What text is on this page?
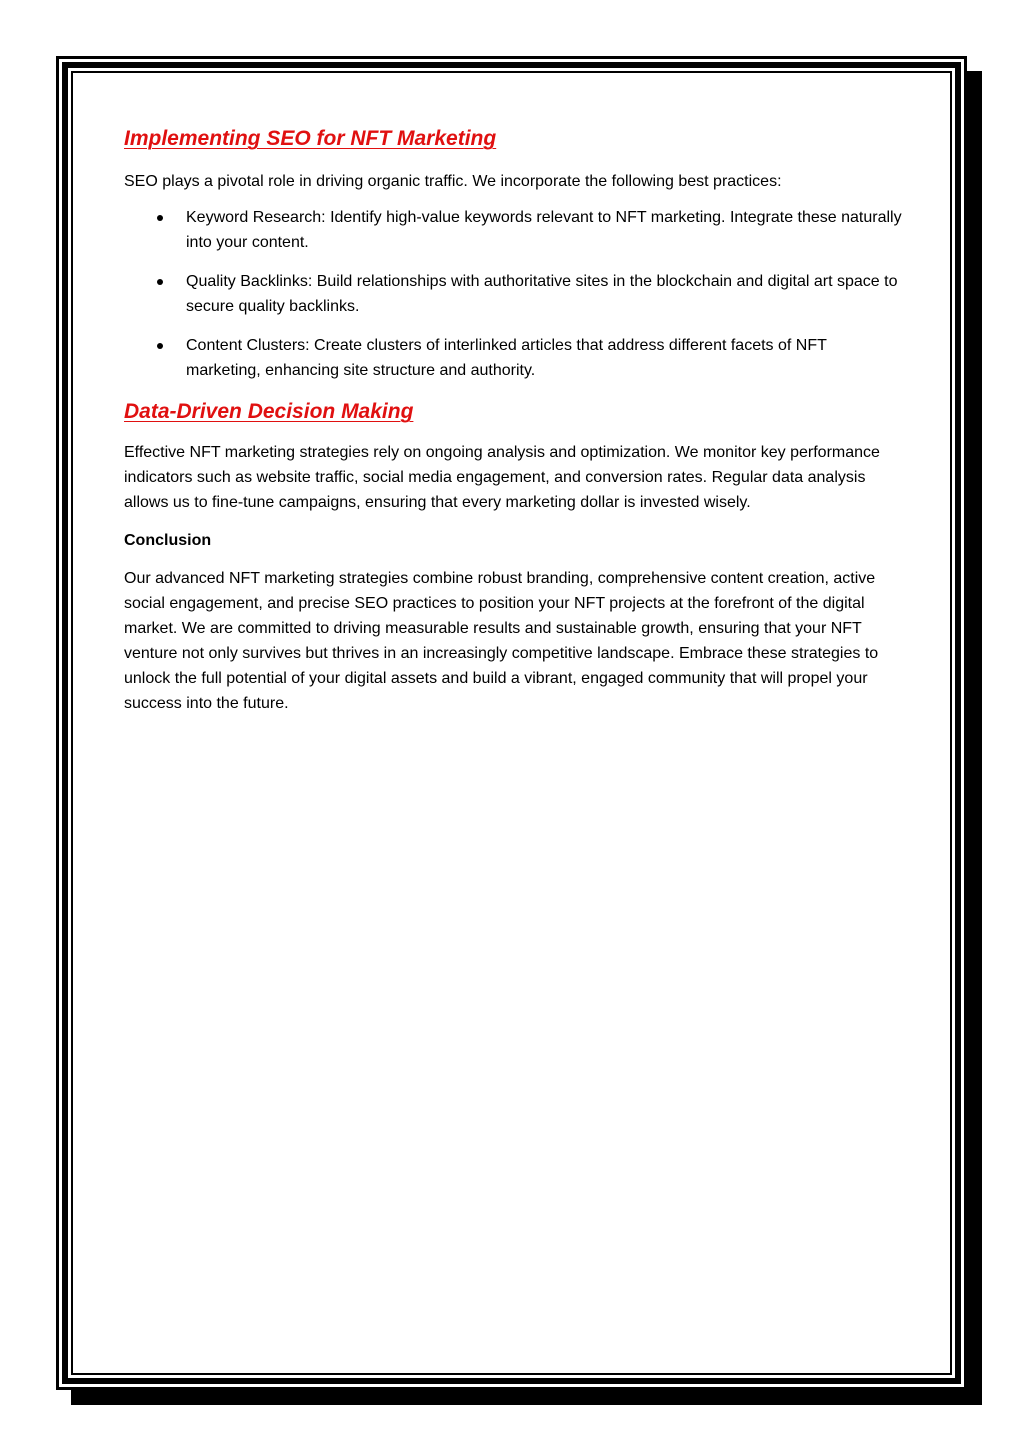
Implementing SEO for NFT Marketing

SEO plays a pivotal role in driving organic traffic. We incorporate the following best practices:

Keyword Research: Identify high-value keywords relevant to NFT marketing. Integrate these naturally into your content.
Quality Backlinks: Build relationships with authoritative sites in the blockchain and digital art space to secure quality backlinks.
Content Clusters: Create clusters of interlinked articles that address different facets of NFT marketing, enhancing site structure and authority.
Data-Driven Decision Making

Effective NFT marketing strategies rely on ongoing analysis and optimization. We monitor key performance indicators such as website traffic, social media engagement, and conversion rates. Regular data analysis allows us to fine-tune campaigns, ensuring that every marketing dollar is invested wisely.

Conclusion

Our advanced NFT marketing strategies combine robust branding, comprehensive content creation, active social engagement, and precise SEO practices to position your NFT projects at the forefront of the digital market. We are committed to driving measurable results and sustainable growth, ensuring that your NFT venture not only survives but thrives in an increasingly competitive landscape. Embrace these strategies to unlock the full potential of your digital assets and build a vibrant, engaged community that will propel your success into the future.
